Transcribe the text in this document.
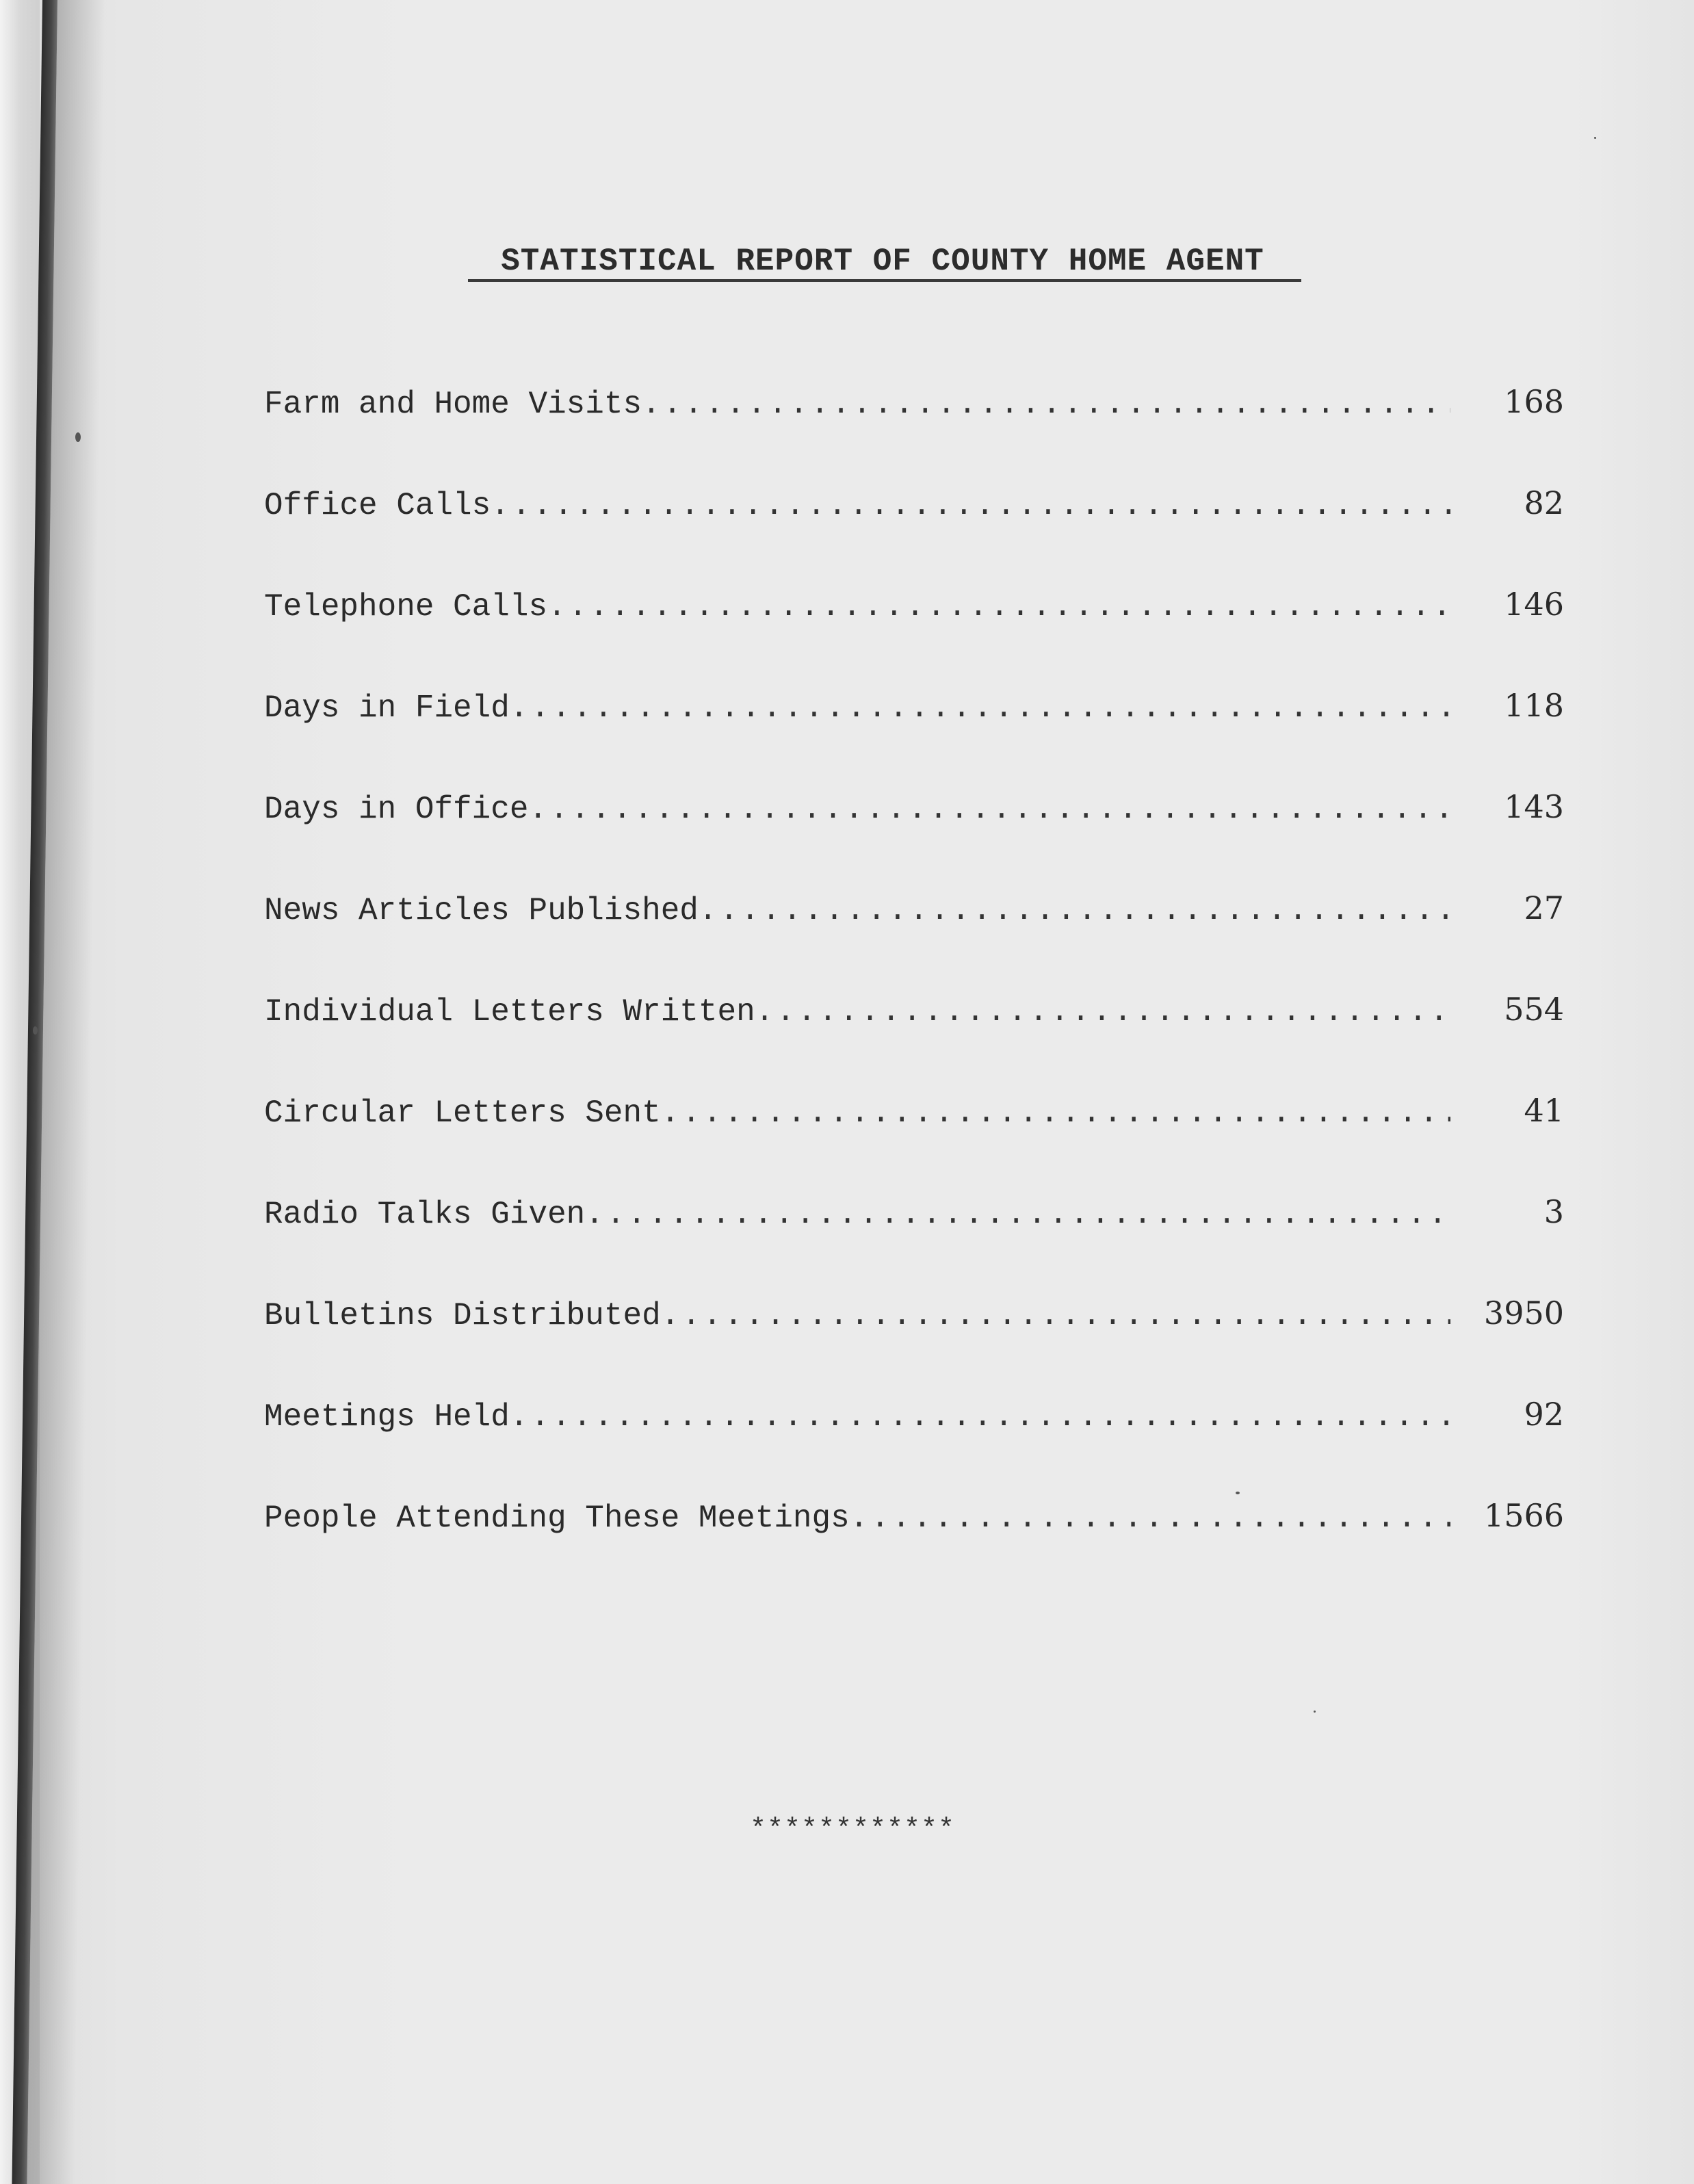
STATISTICAL REPORT OF COUNTY HOME AGENT
Farm and Home Visits .....	168
Office Calls .....	82
Telephone Calls .....	146
Days in Field .....	118
Days in Office .....	143
News Articles Published .....	27
Individual Letters Written .....	554
Circular Letters Sent .....	41
Radio Talks Given .....	3
Bulletins Distributed .....	3950
Meetings Held .....	92
People Attending These Meetings .....	1566
************
